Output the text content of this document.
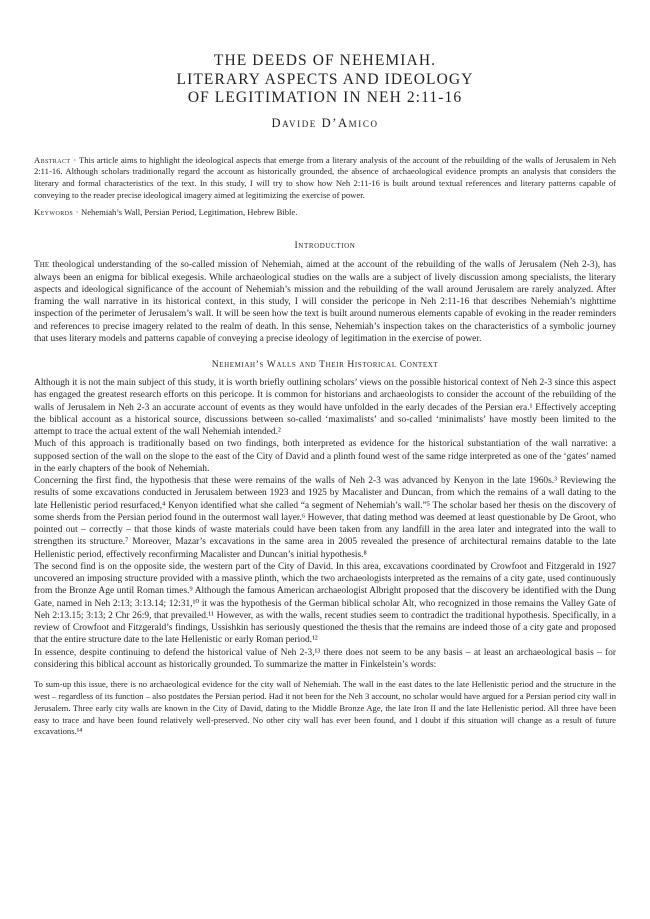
THE DEEDS OF NEHEMIAH.
LITERARY ASPECTS AND IDEOLOGY
OF LEGITIMATION IN NEH 2:11-16
Davide D’Amico
Abstract · This article aims to highlight the ideological aspects that emerge from a literary analysis of the account of the rebuilding of the walls of Jerusalem in Neh 2:11-16. Although scholars traditionally regard the account as historically grounded, the absence of archaeological evidence prompts an analysis that considers the literary and formal characteristics of the text. In this study, I will try to show how Neh 2:11-16 is built around textual references and literary patterns capable of conveying to the reader precise ideological imagery aimed at legitimizing the exercise of power.
Keywords · Nehemiah’s Wall, Persian Period, Legitimation, Hebrew Bible.
Introduction

The theological understanding of the so-called mission of Nehemiah, aimed at the account of the rebuilding of the walls of Jerusalem (Neh 2-3), has always been an enigma for biblical exegesis. While archaeological studies on the walls are a subject of lively discussion among specialists, the literary aspects and ideological significance of the account of Nehemiah’s mission and the rebuilding of the wall around Jerusalem are rarely analyzed. After framing the wall narrative in its historical context, in this study, I will consider the pericope in Neh 2:11-16 that describes Nehemiah’s nighttime inspection of the perimeter of Jerusalem’s wall. It will be seen how the text is built around numerous elements capable of evoking in the reader reminders and references to precise imagery related to the realm of death. In this sense, Nehemiah’s inspection takes on the characteristics of a symbolic journey that uses literary models and patterns capable of conveying a precise ideology of legitimation in the exercise of power.

Nehemiah’s Walls and Their Historical Context

Although it is not the main subject of this study, it is worth briefly outlining scholars’ views on the possible historical context of Neh 2-3 since this aspect has engaged the greatest research efforts on this pericope. It is common for historians and archaeologists to consider the account of the rebuilding of the walls of Jerusalem in Neh 2-3 an accurate account of events as they would have unfolded in the early decades of the Persian era.¹ Effectively accepting the biblical account as a historical source, discussions between so-called ‘maximalists’ and so-called ‘minimalists’ have mostly been limited to the attempt to trace the actual extent of the wall Nehemiah intended.²

Much of this approach is traditionally based on two findings, both interpreted as evidence for the historical substantiation of the wall narrative: a supposed section of the wall on the slope to the east of the City of David and a plinth found west of the same ridge interpreted as one of the ‘gates’ named in the early chapters of the book of Nehemiah.

Concerning the first find, the hypothesis that these were remains of the walls of Neh 2-3 was advanced by Kenyon in the late 1960s.³ Reviewing the results of some excavations conducted in Jerusalem between 1923 and 1925 by Macalister and Duncan, from which the remains of a wall dating to the late Hellenistic period resurfaced,⁴ Kenyon identified what she called “a segment of Nehemiah’s wall.”⁵ The scholar based her thesis on the discovery of some sherds from the Persian period found in the outermost wall layer.⁶ However, that dating method was deemed at least questionable by De Groot, who pointed out – correctly – that those kinds of waste materials could have been taken from any landfill in the area later and integrated into the wall to strengthen its structure.⁷ Moreover, Mazar’s excavations in the same area in 2005 revealed the presence of architectural remains datable to the late Hellenistic period, effectively reconfirming Macalister and Duncan’s initial hypothesis.⁸

The second find is on the opposite side, the western part of the City of David. In this area, excavations coordinated by Crowfoot and Fitzgerald in 1927 uncovered an imposing structure provided with a massive plinth, which the two archaeologists interpreted as the remains of a city gate, used continuously from the Bronze Age until Roman times.⁹ Although the famous American archaeologist Albright proposed that the discovery be identified with the Dung Gate, named in Neh 2:13; 3:13.14; 12:31,¹⁰ it was the hypothesis of the German biblical scholar Alt, who recognized in those remains the Valley Gate of Neh 2:13.15; 3:13; 2 Chr 26:9, that prevailed.¹¹ However, as with the walls, recent studies seem to contradict the traditional hypothesis. Specifically, in a review of Crowfoot and Fitzgerald’s findings, Ussishkin has seriously questioned the thesis that the remains are indeed those of a city gate and proposed that the entire structure date to the late Hellenistic or early Roman period.¹²

In essence, despite continuing to defend the historical value of Neh 2-3,¹³ there does not seem to be any basis – at least an archaeological basis – for considering this biblical account as historically grounded. To summarize the matter in Finkelstein’s words:

To sum-up this issue, there is no archaeological evidence for the city wall of Nehemiah. The wall in the east dates to the late Hellenistic period and the structure in the west – regardless of its function – also postdates the Persian period. Had it not been for the Neh 3 account, no scholar would have argued for a Persian period city wall in Jerusalem. Three early city walls are known in the City of David, dating to the Middle Bronze Age, the late Iron II and the late Hellenistic period. All three have been easy to trace and have been found relatively well-preserved. No other city wall has ever been found, and I doubt if this situation will change as a result of future excavations.¹⁴
